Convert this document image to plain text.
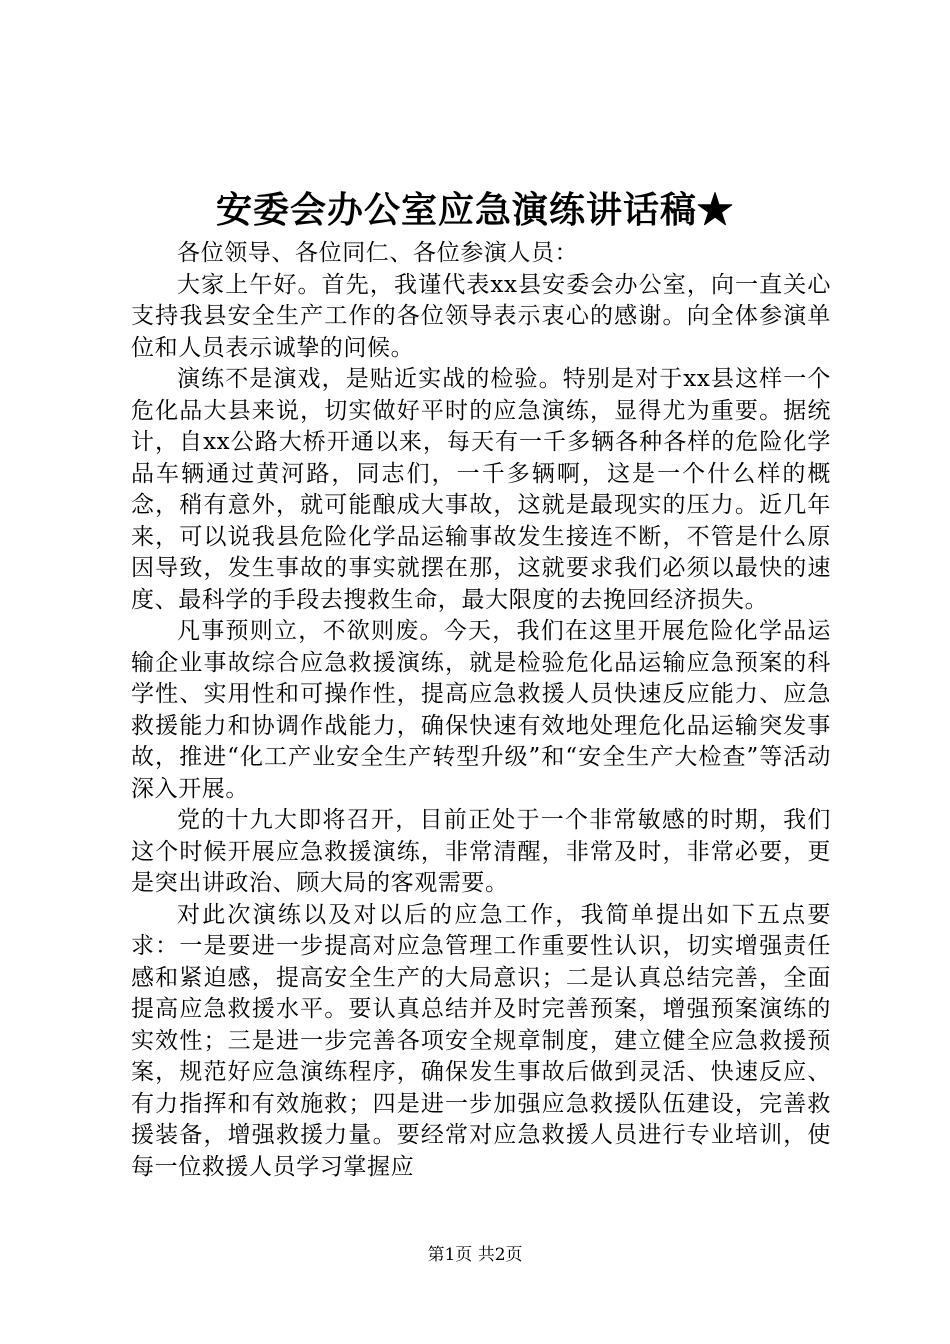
安委会办公室应急演练讲话稿★

各位领导、各位同仁、各位参演人员：

大家上午好。首先，我谨代表xx县安委会办公室，向一直关心支持我县安全生产工作的各位领导表示衷心的感谢。向全体参演单位和人员表示诚挚的问候。

演练不是演戏，是贴近实战的检验。特别是对于xx县这样一个危化品大县来说，切实做好平时的应急演练，显得尤为重要。据统计，自xx公路大桥开通以来，每天有一千多辆各种各样的危险化学品车辆通过黄河路，同志们，一千多辆啊，这是一个什么样的概念，稍有意外，就可能酿成大事故，这就是最现实的压力。近几年来，可以说我县危险化学品运输事故发生接连不断，不管是什么原因导致，发生事故的事实就摆在那，这就要求我们必须以最快的速度、最科学的手段去搜救生命，最大限度的去挽回经济损失。

凡事预则立，不欲则废。今天，我们在这里开展危险化学品运输企业事故综合应急救援演练，就是检验危化品运输应急预案的科学性、实用性和可操作性，提高应急救援人员快速反应能力、应急救援能力和协调作战能力，确保快速有效地处理危化品运输突发事故，推进“化工产业安全生产转型升级”和“安全生产大检查”等活动深入开展。

党的十九大即将召开，目前正处于一个非常敏感的时期，我们这个时候开展应急救援演练，非常清醒，非常及时，非常必要，更是突出讲政治、顾大局的客观需要。

对此次演练以及对以后的应急工作，我简单提出如下五点要求：一是要进一步提高对应急管理工作重要性认识，切实增强责任感和紧迫感，提高安全生产的大局意识；二是认真总结完善，全面提高应急救援水平。要认真总结并及时完善预案，增强预案演练的实效性；三是进一步完善各项安全规章制度，建立健全应急救援预案，规范好应急演练程序，确保发生事故后做到灵活、快速反应、有力指挥和有效施救；四是进一步加强应急救援队伍建设，完善救援装备，增强救援力量。要经常对应急救援人员进行专业培训，使每一位救援人员学习掌握应

第1页 共2页
